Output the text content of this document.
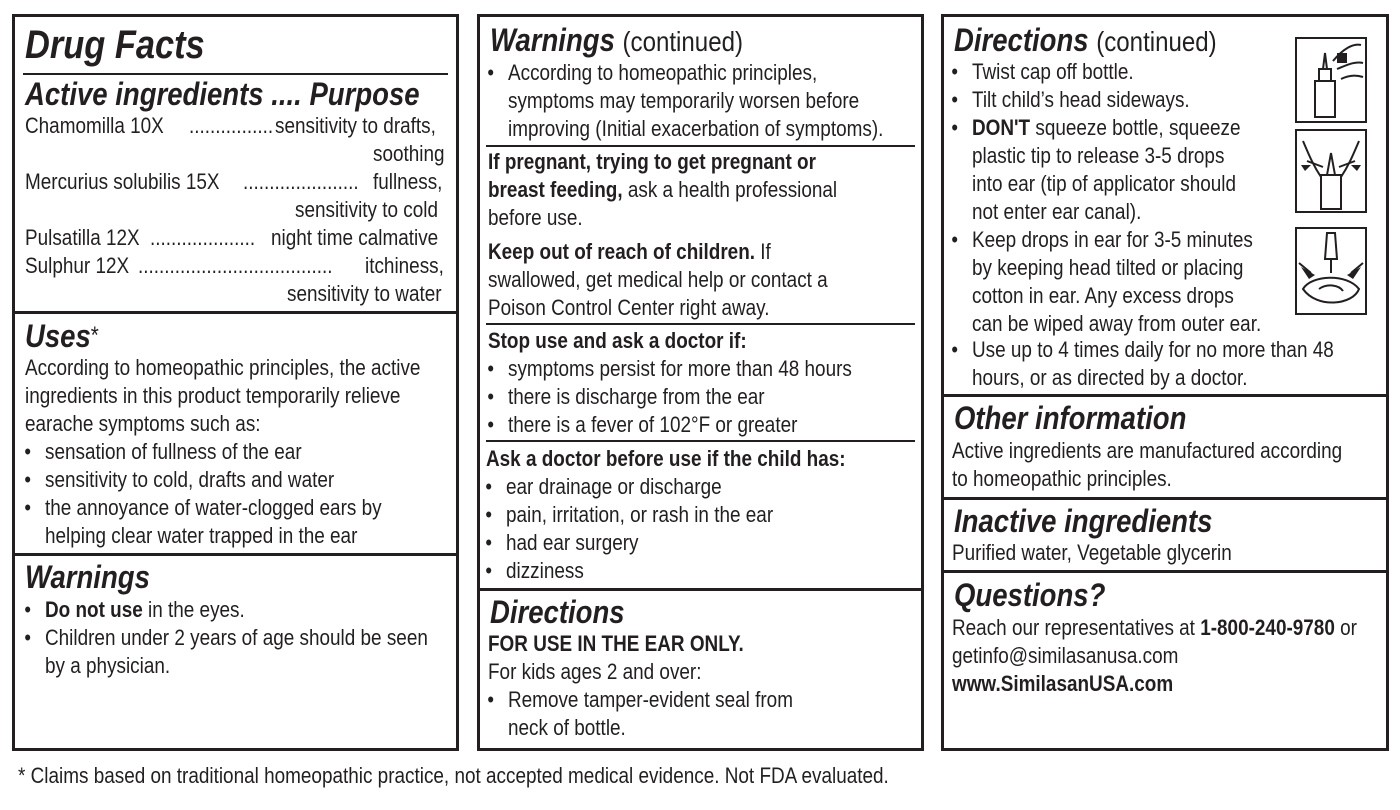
Drug Facts
Active ingredients .... Purpose
Chamomilla 10X ................ sensitivity to drafts,
soothing
Mercurius solubilis 15X ...................... fullness,
sensitivity to cold
Pulsatilla 12X .................... night time calmative
Sulphur 12X ..................................... itchiness,
sensitivity to water
Uses*
According to homeopathic principles, the active
ingredients in this product temporarily relieve
earache symptoms such as:
• sensation of fullness of the ear
• sensitivity to cold, drafts and water
• the annoyance of water-clogged ears by
helping clear water trapped in the ear
Warnings
• Do not use in the eyes.
• Children under 2 years of age should be seen
by a physician.
Warnings (continued)
• According to homeopathic principles,
symptoms may temporarily worsen before
improving (Initial exacerbation of symptoms).
If pregnant, trying to get pregnant or
breast feeding, ask a health professional
before use.
Keep out of reach of children. If
swallowed, get medical help or contact a
Poison Control Center right away.
Stop use and ask a doctor if:
• symptoms persist for more than 48 hours
• there is discharge from the ear
• there is a fever of 102°F or greater
Ask a doctor before use if the child has:
• ear drainage or discharge
• pain, irritation, or rash in the ear
• had ear surgery
• dizziness
Directions
FOR USE IN THE EAR ONLY.
For kids ages 2 and over:
• Remove tamper-evident seal from
neck of bottle.
Directions (continued)
• Twist cap off bottle.
• Tilt child’s head sideways.
• DON'T squeeze bottle, squeeze
plastic tip to release 3-5 drops
into ear (tip of applicator should
not enter ear canal).
• Keep drops in ear for 3-5 minutes
by keeping head tilted or placing
cotton in ear. Any excess drops
can be wiped away from outer ear.
• Use up to 4 times daily for no more than 48
hours, or as directed by a doctor.
Other information
Active ingredients are manufactured according
to homeopathic principles.
Inactive ingredients
Purified water, Vegetable glycerin
Questions?
Reach our representatives at 1-800-240-9780 or
getinfo@similasanusa.com
www.SimilasanUSA.com
* Claims based on traditional homeopathic practice, not accepted medical evidence. Not FDA evaluated.
